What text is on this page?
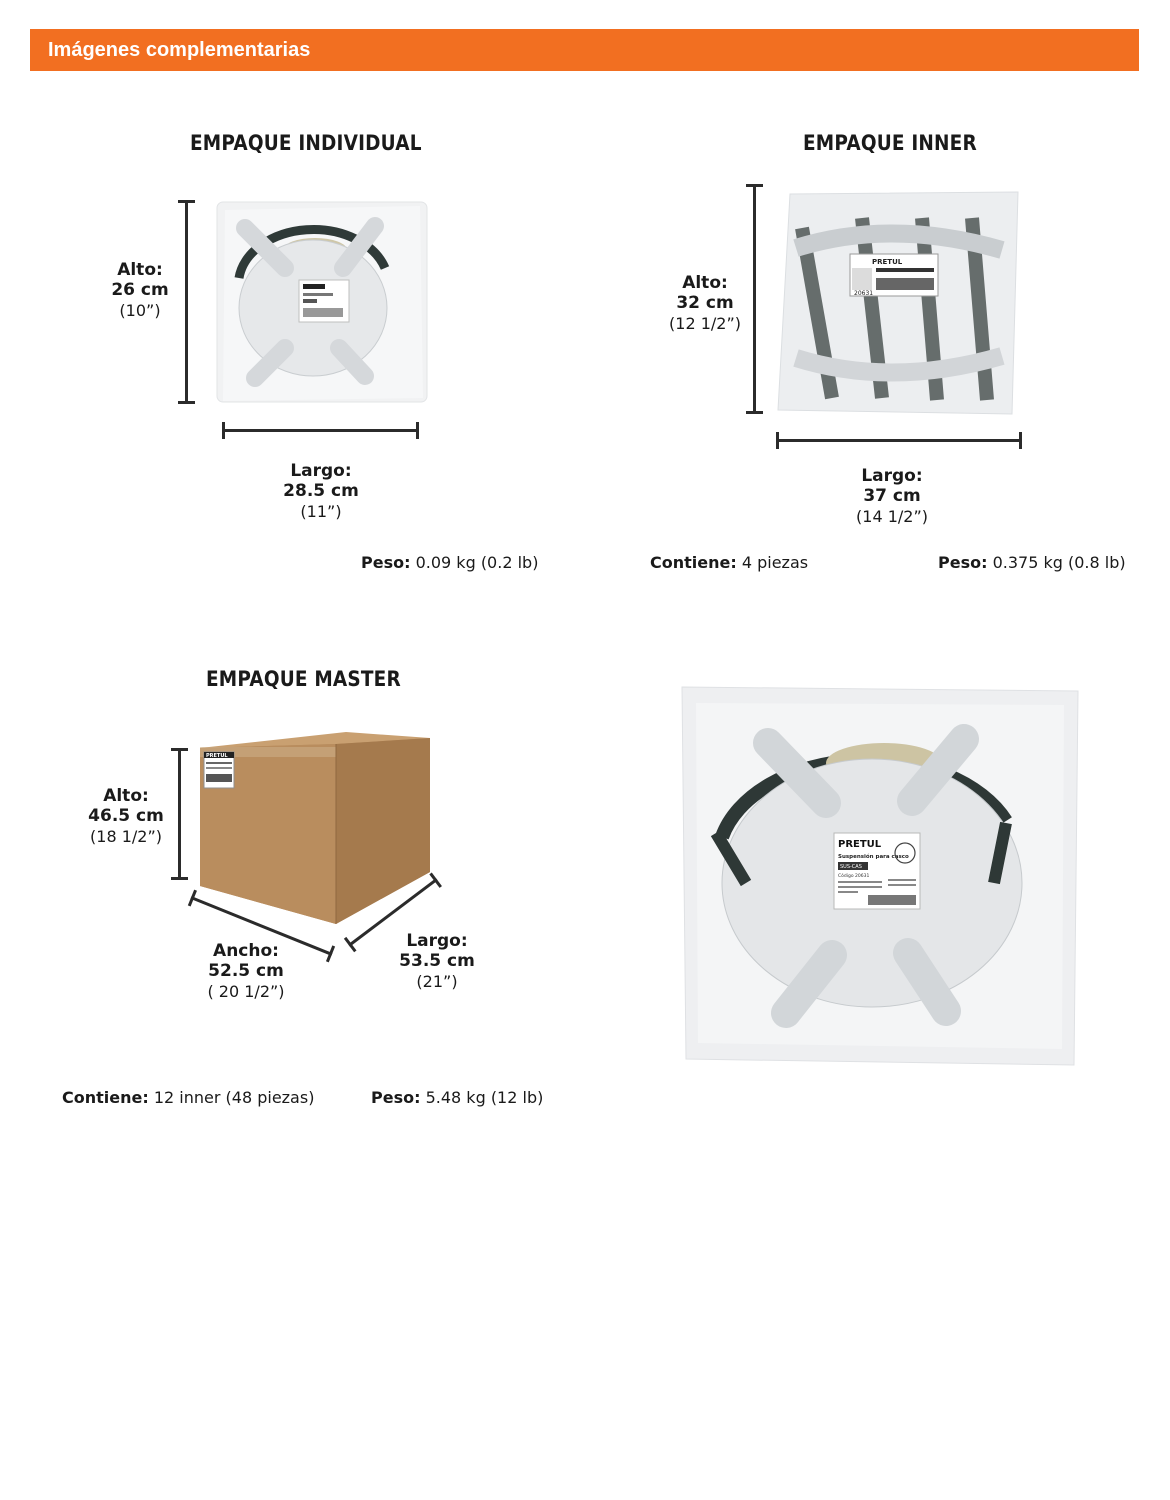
Imágenes complementarias
EMPAQUE INDIVIDUAL
Alto:
26 cm
(10”)
Largo:
28.5 cm
(11”)
Peso: 0.09 kg (0.2 lb)
EMPAQUE INNER
Alto:
32 cm
(12 1/2”)
PRETUL
20631
Largo:
37 cm
(14 1/2”)
Contiene: 4 piezas	Peso: 0.375 kg (0.8 lb)
EMPAQUE MASTER
Alto:
46.5 cm
(18 1/2”)
PRETUL
Ancho:
52.5 cm
( 20 1/2”)
Largo:
53.5 cm
(21”)
Contiene: 12 inner (48 piezas)	Peso: 5.48 kg (12 lb)
PRETUL
Suspensión para casco
SUS-CAS
Código 20631
